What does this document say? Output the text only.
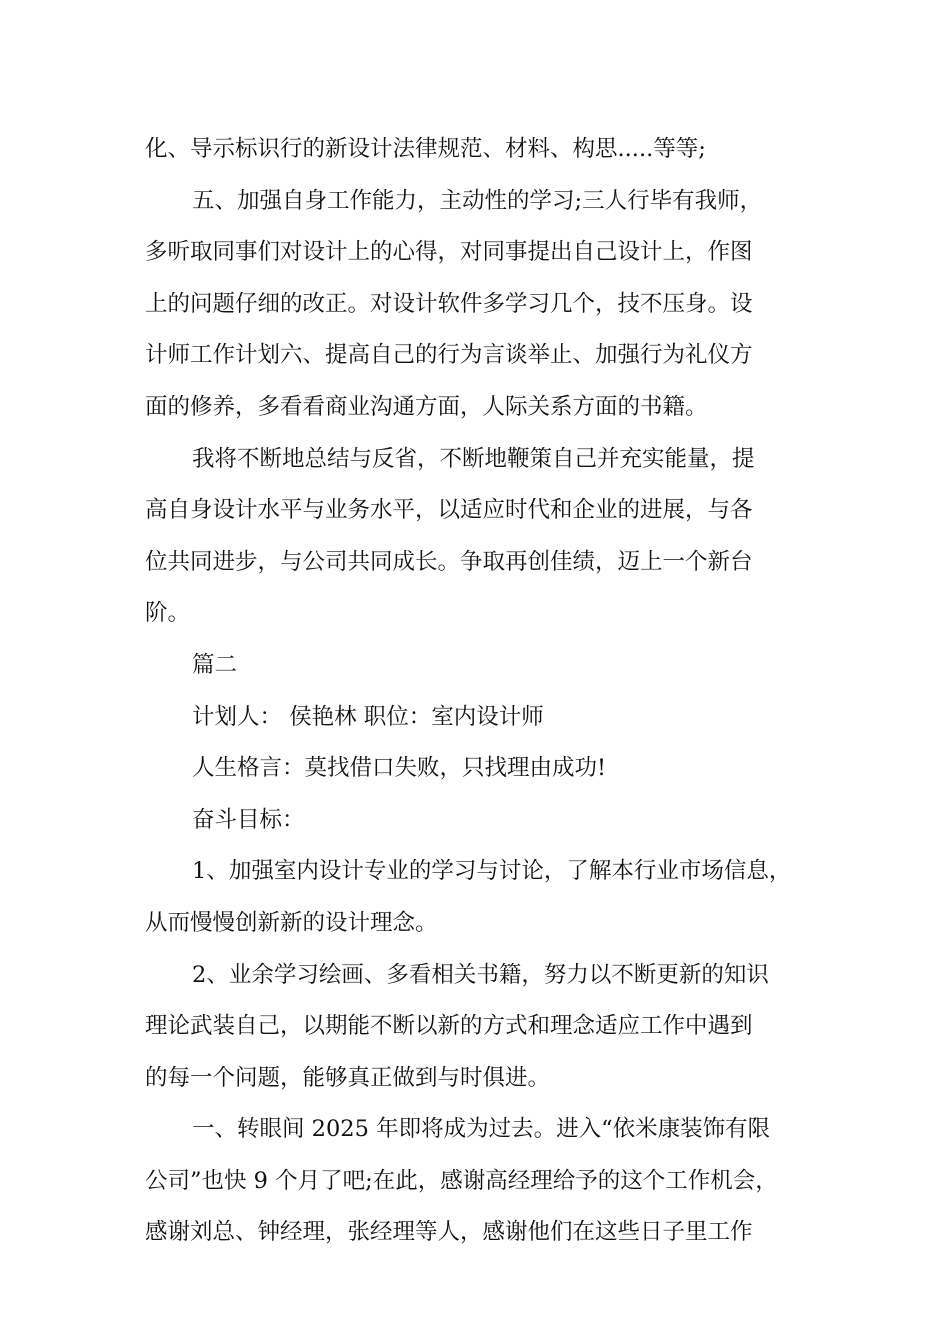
化、导示标识行的新设计法律规范、材料、构思.....等等;
五、加强自身工作能力，主动性的学习;三人行毕有我师，
多听取同事们对设计上的心得，对同事提出自己设计上，作图
上的问题仔细的改正。对设计软件多学习几个，技不压身。设
计师工作计划六、提高自己的行为言谈举止、加强行为礼仪方
面的修养，多看看商业沟通方面，人际关系方面的书籍。
我将不断地总结与反省，不断地鞭策自己并充实能量，提
高自身设计水平与业务水平，以适应时代和企业的进展，与各
位共同进步，与公司共同成长。争取再创佳绩，迈上一个新台
阶。
篇二
计划人： 侯艳林 职位：室内设计师
人生格言：莫找借口失败，只找理由成功!
奋斗目标：
1、加强室内设计专业的学习与讨论，了解本行业市场信息，
从而慢慢创新新的设计理念。
2、业余学习绘画、多看相关书籍，努力以不断更新的知识
理论武装自己，以期能不断以新的方式和理念适应工作中遇到
的每一个问题，能够真正做到与时俱进。
一、转眼间 2025 年即将成为过去。进入“依米康装饰有限
公司”也快 9 个月了吧;在此，感谢高经理给予的这个工作机会，
感谢刘总、钟经理，张经理等人，感谢他们在这些日子里工作
